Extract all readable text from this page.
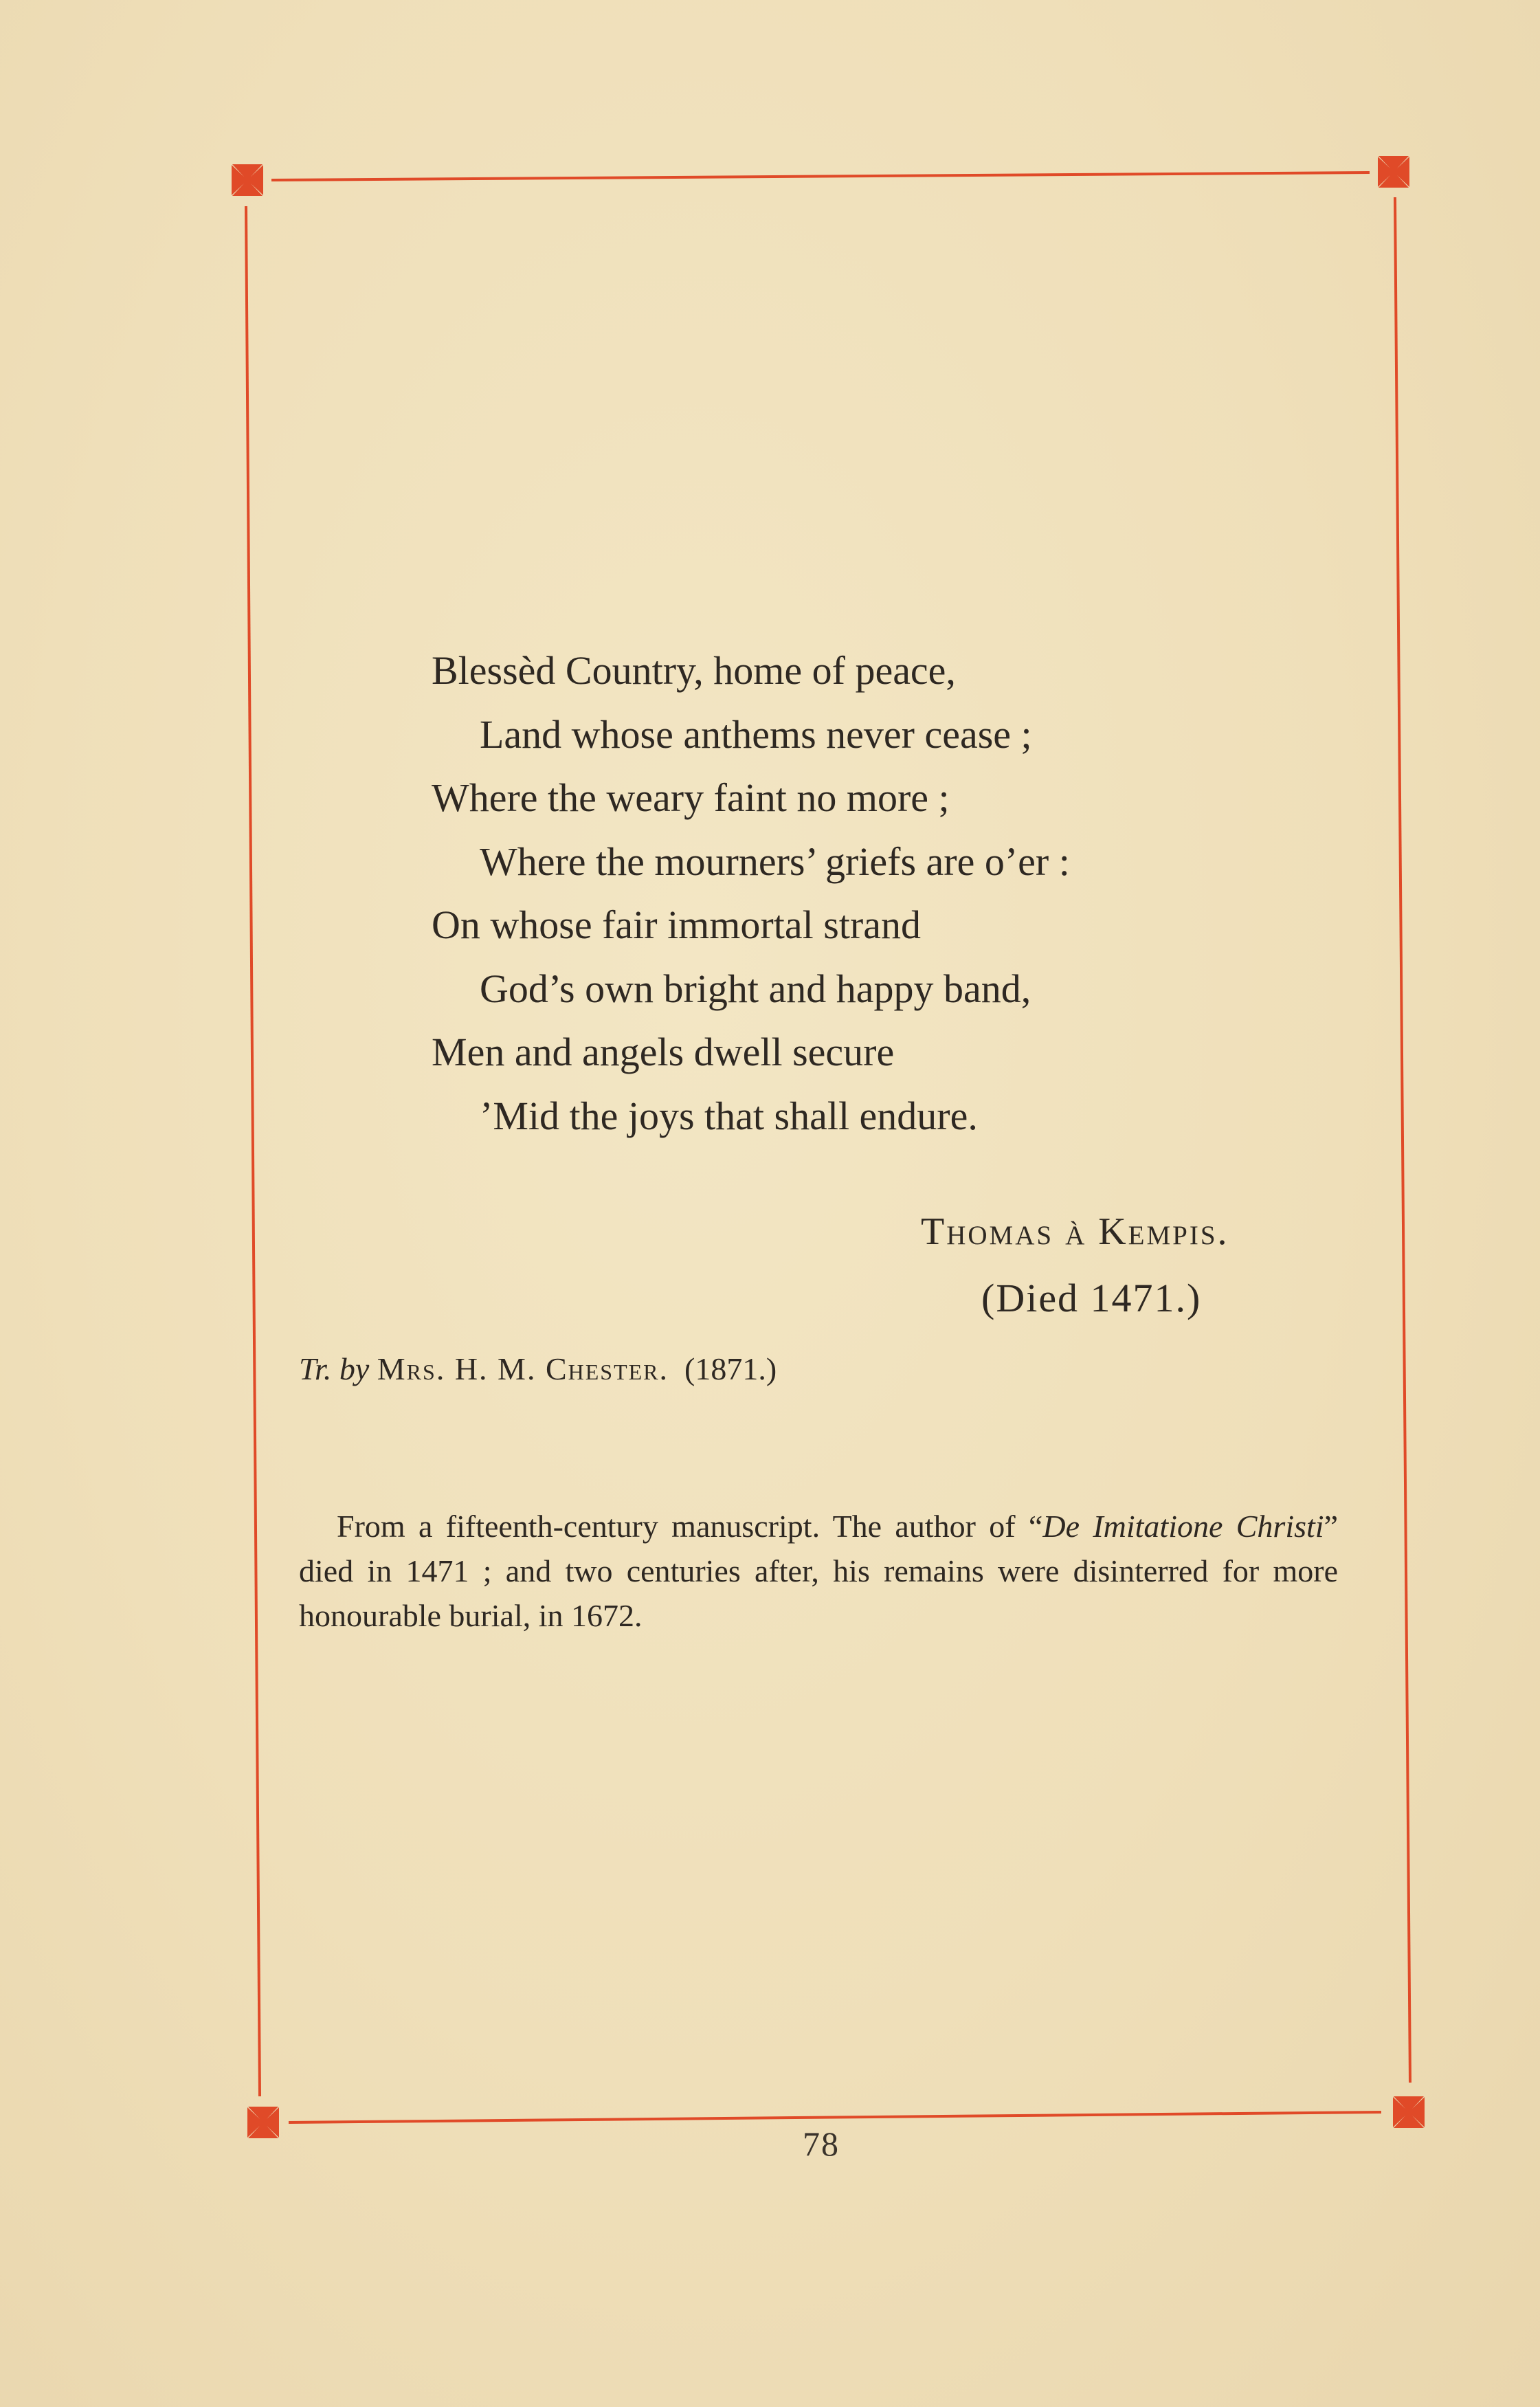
Blessèd Country, home of peace,
Land whose anthems never cease ;
Where the weary faint no more ;
Where the mourners’ griefs are o’er :
On whose fair immortal strand
God’s own bright and happy band,
Men and angels dwell secure
’Mid the joys that shall endure.
Thomas à Kempis.
(Died 1471.)
Tr. by Mrs. H. M. Chester. (1871.)

From a fifteenth-century manuscript. The author of “De Imitatione Christi” died in 1471 ; and two centuries after, his remains were disinterred for more honourable burial, in 1672.

78
